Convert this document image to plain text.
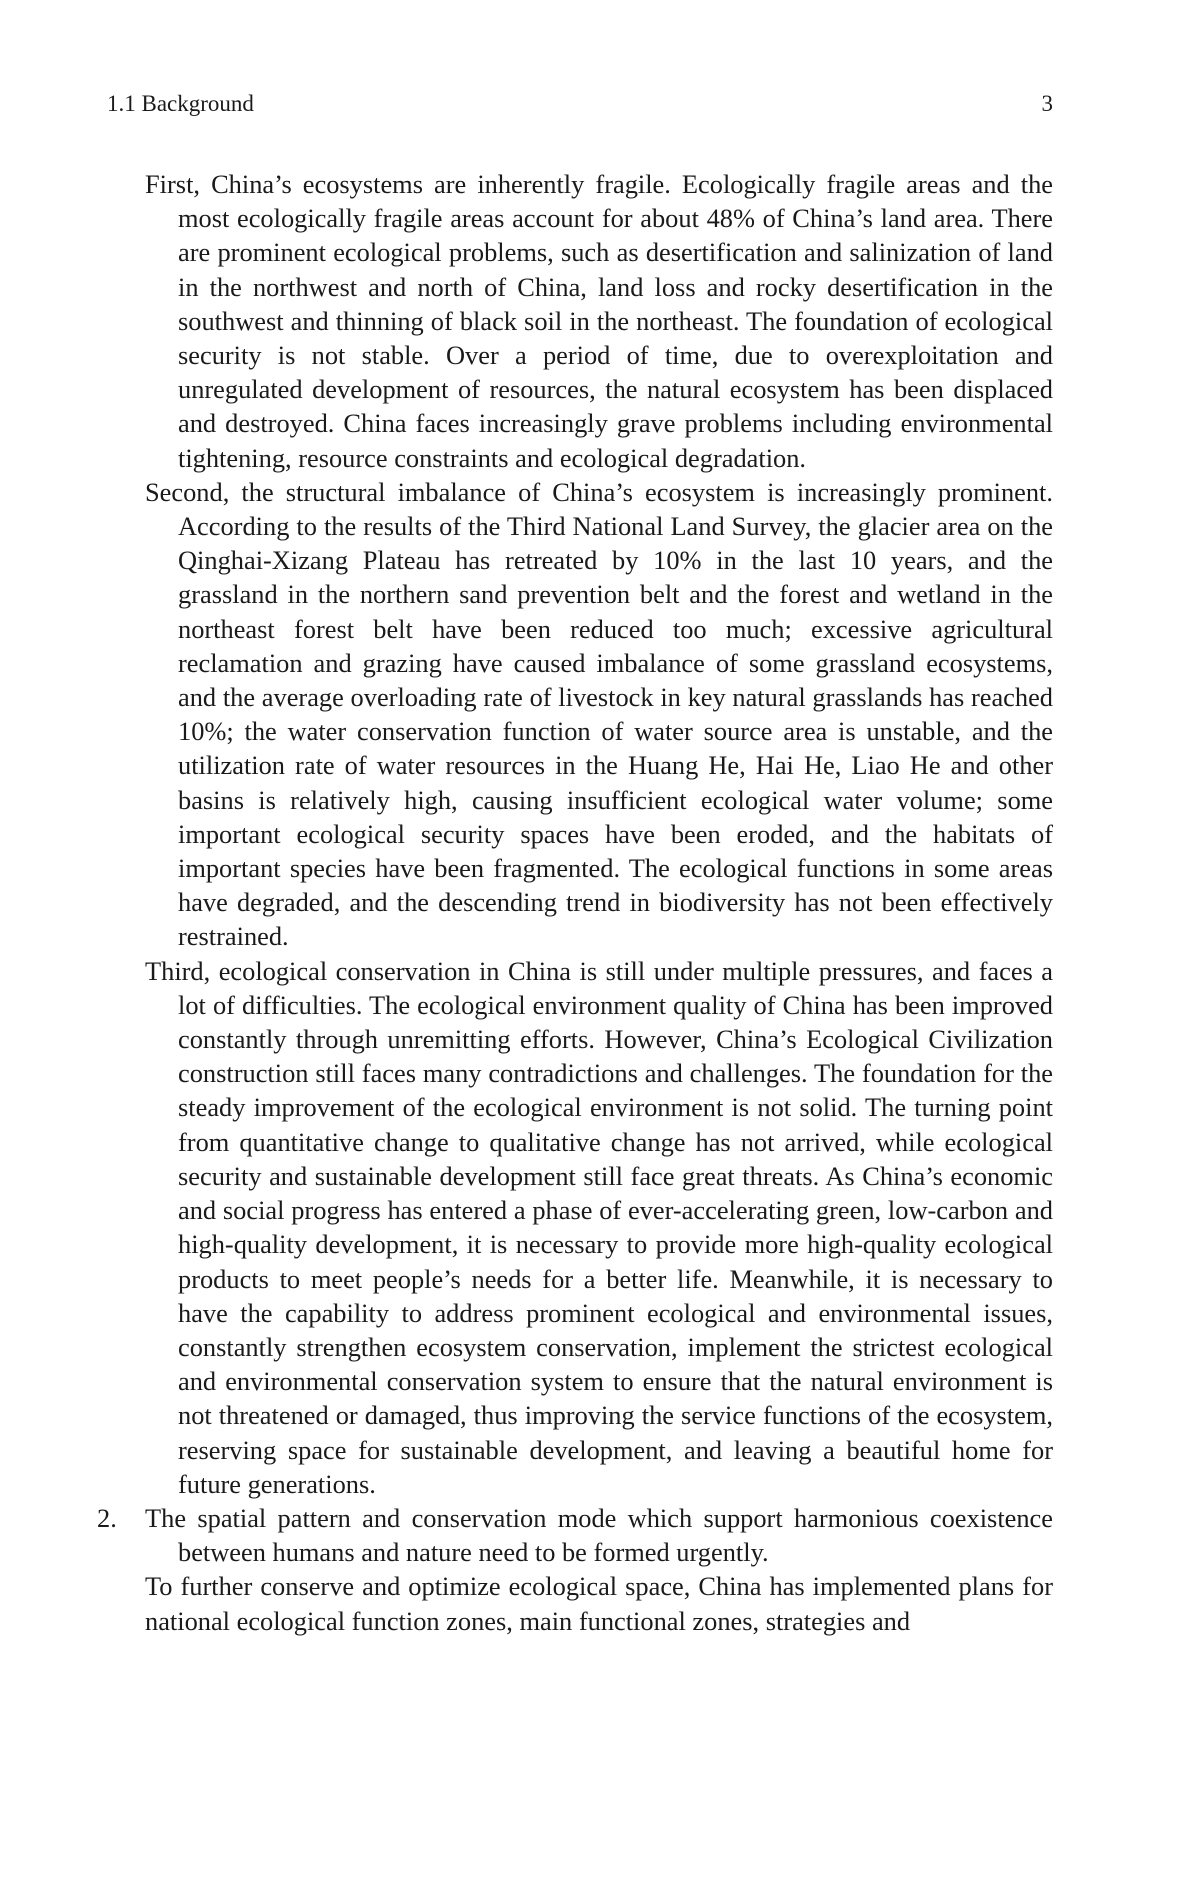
1.1 Background	3

First, China’s ecosystems are inherently fragile. Ecologically fragile areas and the most ecologically fragile areas account for about 48% of China’s land area. There are prominent ecological problems, such as desertification and salinization of land in the northwest and north of China, land loss and rocky desertification in the southwest and thinning of black soil in the northeast. The foundation of ecological security is not stable. Over a period of time, due to overexploitation and unregulated development of resources, the natural ecosystem has been displaced and destroyed. China faces increasingly grave problems including environmental tightening, resource constraints and ecological degradation.

Second, the structural imbalance of China’s ecosystem is increasingly prominent. According to the results of the Third National Land Survey, the glacier area on the Qinghai-Xizang Plateau has retreated by 10% in the last 10 years, and the grassland in the northern sand prevention belt and the forest and wetland in the northeast forest belt have been reduced too much; excessive agricultural reclamation and grazing have caused imbalance of some grassland ecosystems, and the average overloading rate of livestock in key natural grasslands has reached 10%; the water conservation function of water source area is unstable, and the utilization rate of water resources in the Huang He, Hai He, Liao He and other basins is relatively high, causing insufficient ecological water volume; some important ecological security spaces have been eroded, and the habitats of important species have been fragmented. The ecological functions in some areas have degraded, and the descending trend in biodiversity has not been effectively restrained.

Third, ecological conservation in China is still under multiple pressures, and faces a lot of difficulties. The ecological environment quality of China has been improved constantly through unremitting efforts. However, China’s Ecological Civilization construction still faces many contradictions and challenges. The foundation for the steady improvement of the ecological environment is not solid. The turning point from quantitative change to qualitative change has not arrived, while ecological security and sustainable development still face great threats. As China’s economic and social progress has entered a phase of ever-accelerating green, low-carbon and high-quality development, it is necessary to provide more high-quality ecological products to meet people’s needs for a better life. Meanwhile, it is necessary to have the capability to address prominent ecological and environmental issues, constantly strengthen ecosystem conservation, implement the strictest ecological and environmental conservation system to ensure that the natural environment is not threatened or damaged, thus improving the service functions of the ecosystem, reserving space for sustainable development, and leaving a beautiful home for future generations.

2. The spatial pattern and conservation mode which support harmonious coexistence between humans and nature need to be formed urgently.

To further conserve and optimize ecological space, China has implemented plans for national ecological function zones, main functional zones, strategies and
